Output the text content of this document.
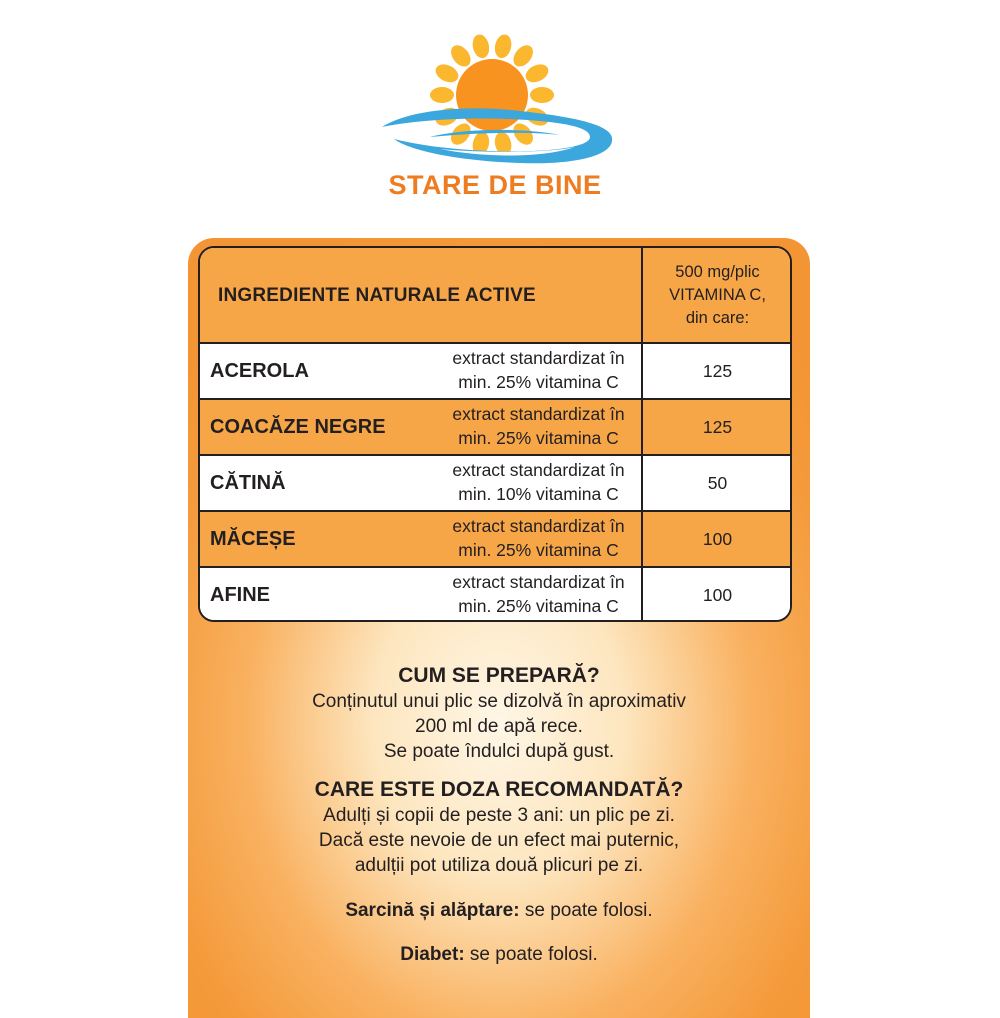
STARE DE BINE
INGREDIENTE NATURALE ACTIVE
500 mg/plic
VITAMINA C,
din care:
ACEROLA
extract standardizat în
min. 25% vitamina C
125
COACĂZE NEGRE
extract standardizat în
min. 25% vitamina C
125
CĂTINĂ
extract standardizat în
min. 10% vitamina C
50
MĂCEȘE
extract standardizat în
min. 25% vitamina C
100
AFINE
extract standardizat în
min. 25% vitamina C
100
CUM SE PREPARĂ?
Conținutul unui plic se dizolvă în aproximativ
200 ml de apă rece.
Se poate îndulci după gust.
CARE ESTE DOZA RECOMANDATĂ?
Adulți și copii de peste 3 ani: un plic pe zi.
Dacă este nevoie de un efect mai puternic,
adulții pot utiliza două plicuri pe zi.
Sarcină și alăptare: se poate folosi.
Diabet: se poate folosi.
